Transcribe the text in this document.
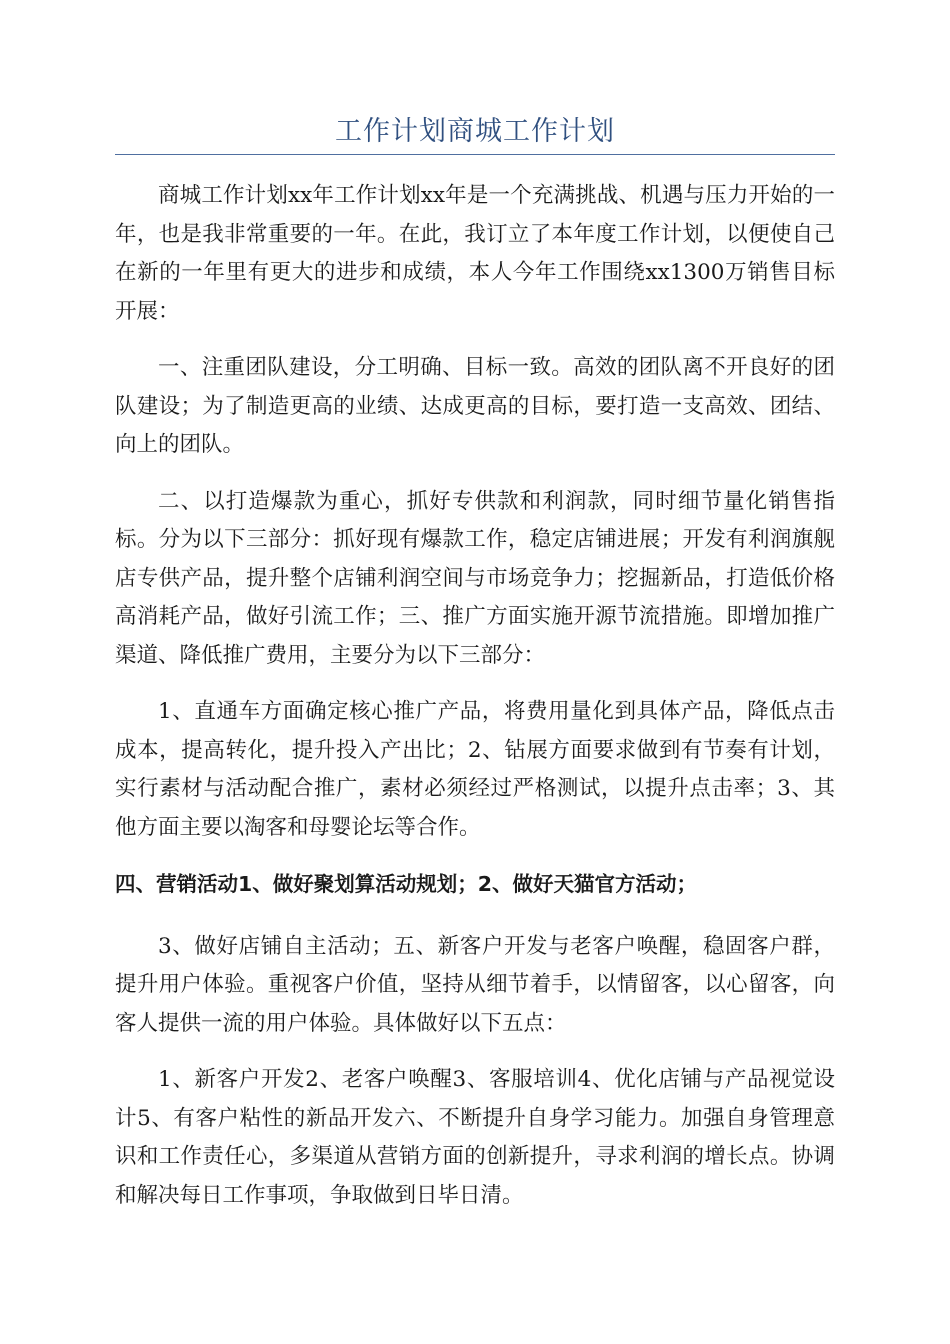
工作计划商城工作计划

商城工作计划xx年工作计划xx年是一个充满挑战、机遇与压力开始的一年，也是我非常重要的一年。在此，我订立了本年度工作计划，以便使自己在新的一年里有更大的进步和成绩，本人今年工作围绕xx1300万销售目标开展：

一、注重团队建设，分工明确、目标一致。高效的团队离不开良好的团队建设；为了制造更高的业绩、达成更高的目标，要打造一支高效、团结、向上的团队。

二、以打造爆款为重心，抓好专供款和利润款，同时细节量化销售指标。分为以下三部分：抓好现有爆款工作，稳定店铺进展；开发有利润旗舰店专供产品，提升整个店铺利润空间与市场竞争力；挖掘新品，打造低价格高消耗产品，做好引流工作；三、推广方面实施开源节流措施。即增加推广渠道、降低推广费用，主要分为以下三部分：

1、直通车方面确定核心推广产品，将费用量化到具体产品，降低点击成本，提高转化，提升投入产出比；2、钻展方面要求做到有节奏有计划，实行素材与活动配合推广，素材必须经过严格测试，以提升点击率；3、其他方面主要以淘客和母婴论坛等合作。

四、营销活动1、做好聚划算活动规划；2、做好天猫官方活动；

3、做好店铺自主活动；五、新客户开发与老客户唤醒，稳固客户群，提升用户体验。重视客户价值，坚持从细节着手，以情留客，以心留客，向客人提供一流的用户体验。具体做好以下五点：

1、新客户开发2、老客户唤醒3、客服培训4、优化店铺与产品视觉设计5、有客户粘性的新品开发六、不断提升自身学习能力。加强自身管理意识和工作责任心，多渠道从营销方面的创新提升，寻求利润的增长点。协调和解决每日工作事项，争取做到日毕日清。
